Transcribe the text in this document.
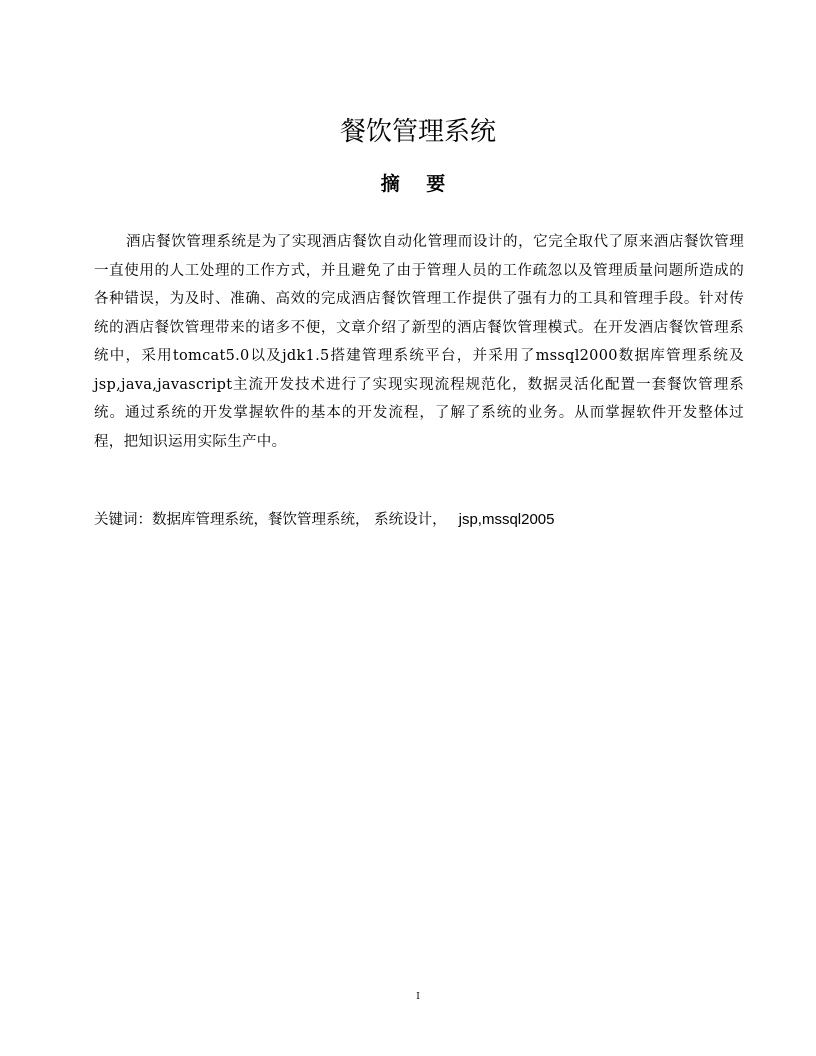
餐饮管理系统
摘 要

酒店餐饮管理系统是为了实现酒店餐饮自动化管理而设计的，它完全取代了原来酒店餐饮管理一直使用的人工处理的工作方式，并且避免了由于管理人员的工作疏忽以及管理质量问题所造成的各种错误，为及时、准确、高效的完成酒店餐饮管理工作提供了强有力的工具和管理手段。针对传统的酒店餐饮管理带来的诸多不便，文章介绍了新型的酒店餐饮管理模式。在开发酒店餐饮管理系统中，采用tomcat5.0以及jdk1.5搭建管理系统平台，并采用了mssql2000数据库管理系统及jsp,java,javascript主流开发技术进行了实现实现流程规范化，数据灵活化配置一套餐饮管理系统。通过系统的开发掌握软件的基本的开发流程，了解了系统的业务。从而掌握软件开发整体过程，把知识运用实际生产中。

关键词：数据库管理系统，餐饮管理系统， 系统设计， jsp,mssql2005

I
